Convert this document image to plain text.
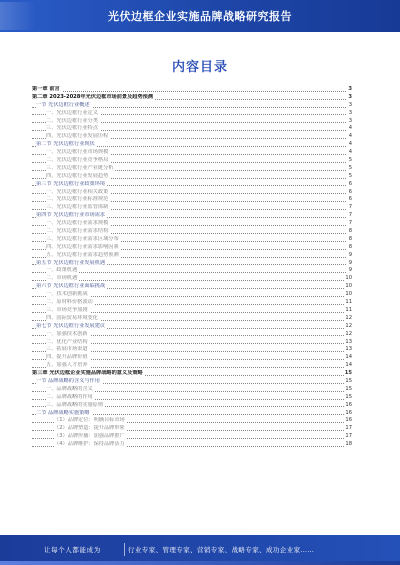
光伏边框企业实施品牌战略研究报告
内容目录
第一章 前言	3
第二章 2023-2028年光伏边框市场前景及趋势预测	3
一节 光伏边框行业概述	3
一、光伏边框行业定义	3
二、光伏边框行业分类	3
三、光伏边框行业特点	4
四、光伏边框行业发展历程	4
第二节 光伏边框行业现状	4
一、光伏边框行业市场规模	4
二、光伏边框行业竞争格局	5
三、光伏边框行业产业链分析	5
四、光伏边框行业发展趋势	5
第三节 光伏边框行业政策环境	6
一、光伏边框行业相关政策	6
二、光伏边框行业标准规范	6
三、光伏边框行业监管体制	7
第四节 光伏边框行业市场需求	7
一、光伏边框行业需求规模	7
二、光伏边框行业需求结构	8
三、光伏边框行业需求区域分布	8
四、光伏边框行业需求影响因素	8
五、光伏边框行业需求趋势预测	9
第五节 光伏边框行业发展机遇	9
一、政策机遇	9
二、市场机遇	10
第六节 光伏边框行业面临挑战	10
一、技术创新挑战	10
二、原材料价格波动	11
三、市场竞争加剧	11
四、国际贸易环境变化	12
第七节 光伏边框行业发展建议	12
一、加强技术创新	12
二、优化产业结构	13
三、拓展市场渠道	13
四、提升品牌价值	14
五、加强人才培养	14
第三章 光伏边框企业实施品牌战略的意义及策略	15
一节 品牌战略的含义与作用	15
一、品牌战略的含义	15
二、品牌战略的作用	15
三、品牌战略的实施原则	16
二节 品牌战略实施策略	16
（1）品牌定位：明确目标市场	16
（2）品牌塑造：提升品牌形象	17
（3）品牌传播：加强品牌推广	17
（4）品牌维护：保持品牌活力	18
让每个人都能成为	行业专家、管理专家、营销专家、战略专家、成功企业家……
